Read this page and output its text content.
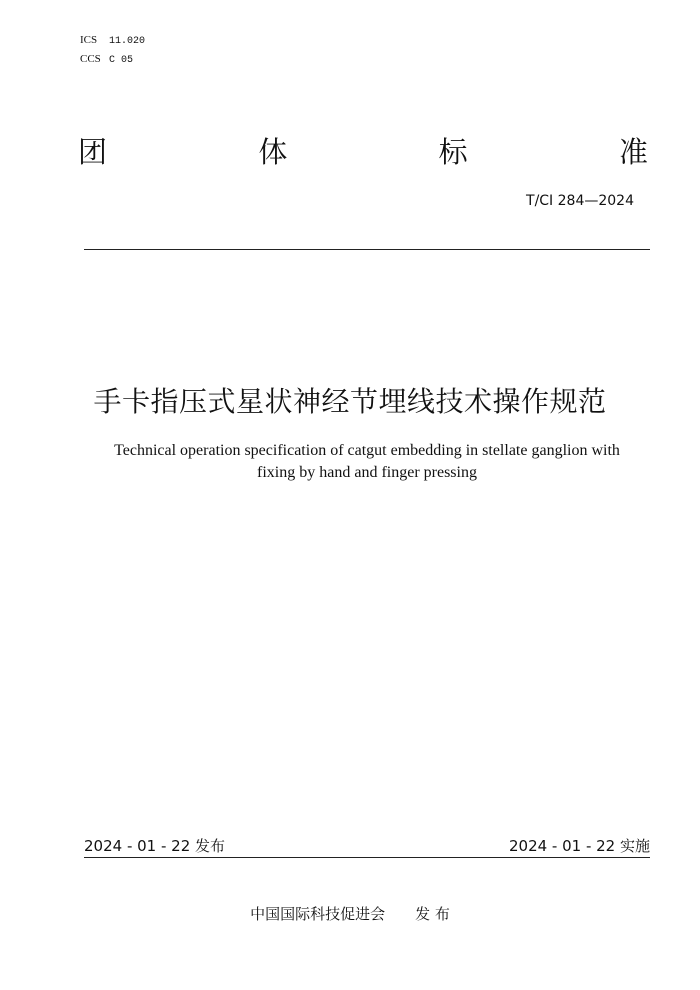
ICS 11.020
CCS C 05
团	体	标	准
T/CI 284—2024
手卡指压式星状神经节埋线技术操作规范
Technical operation specification of catgut embedding in stellate ganglion with
fixing by hand and finger pressing
2024 - 01 - 22 发布	2024 - 01 - 22 实施
中国国际科技促进会 发 布
